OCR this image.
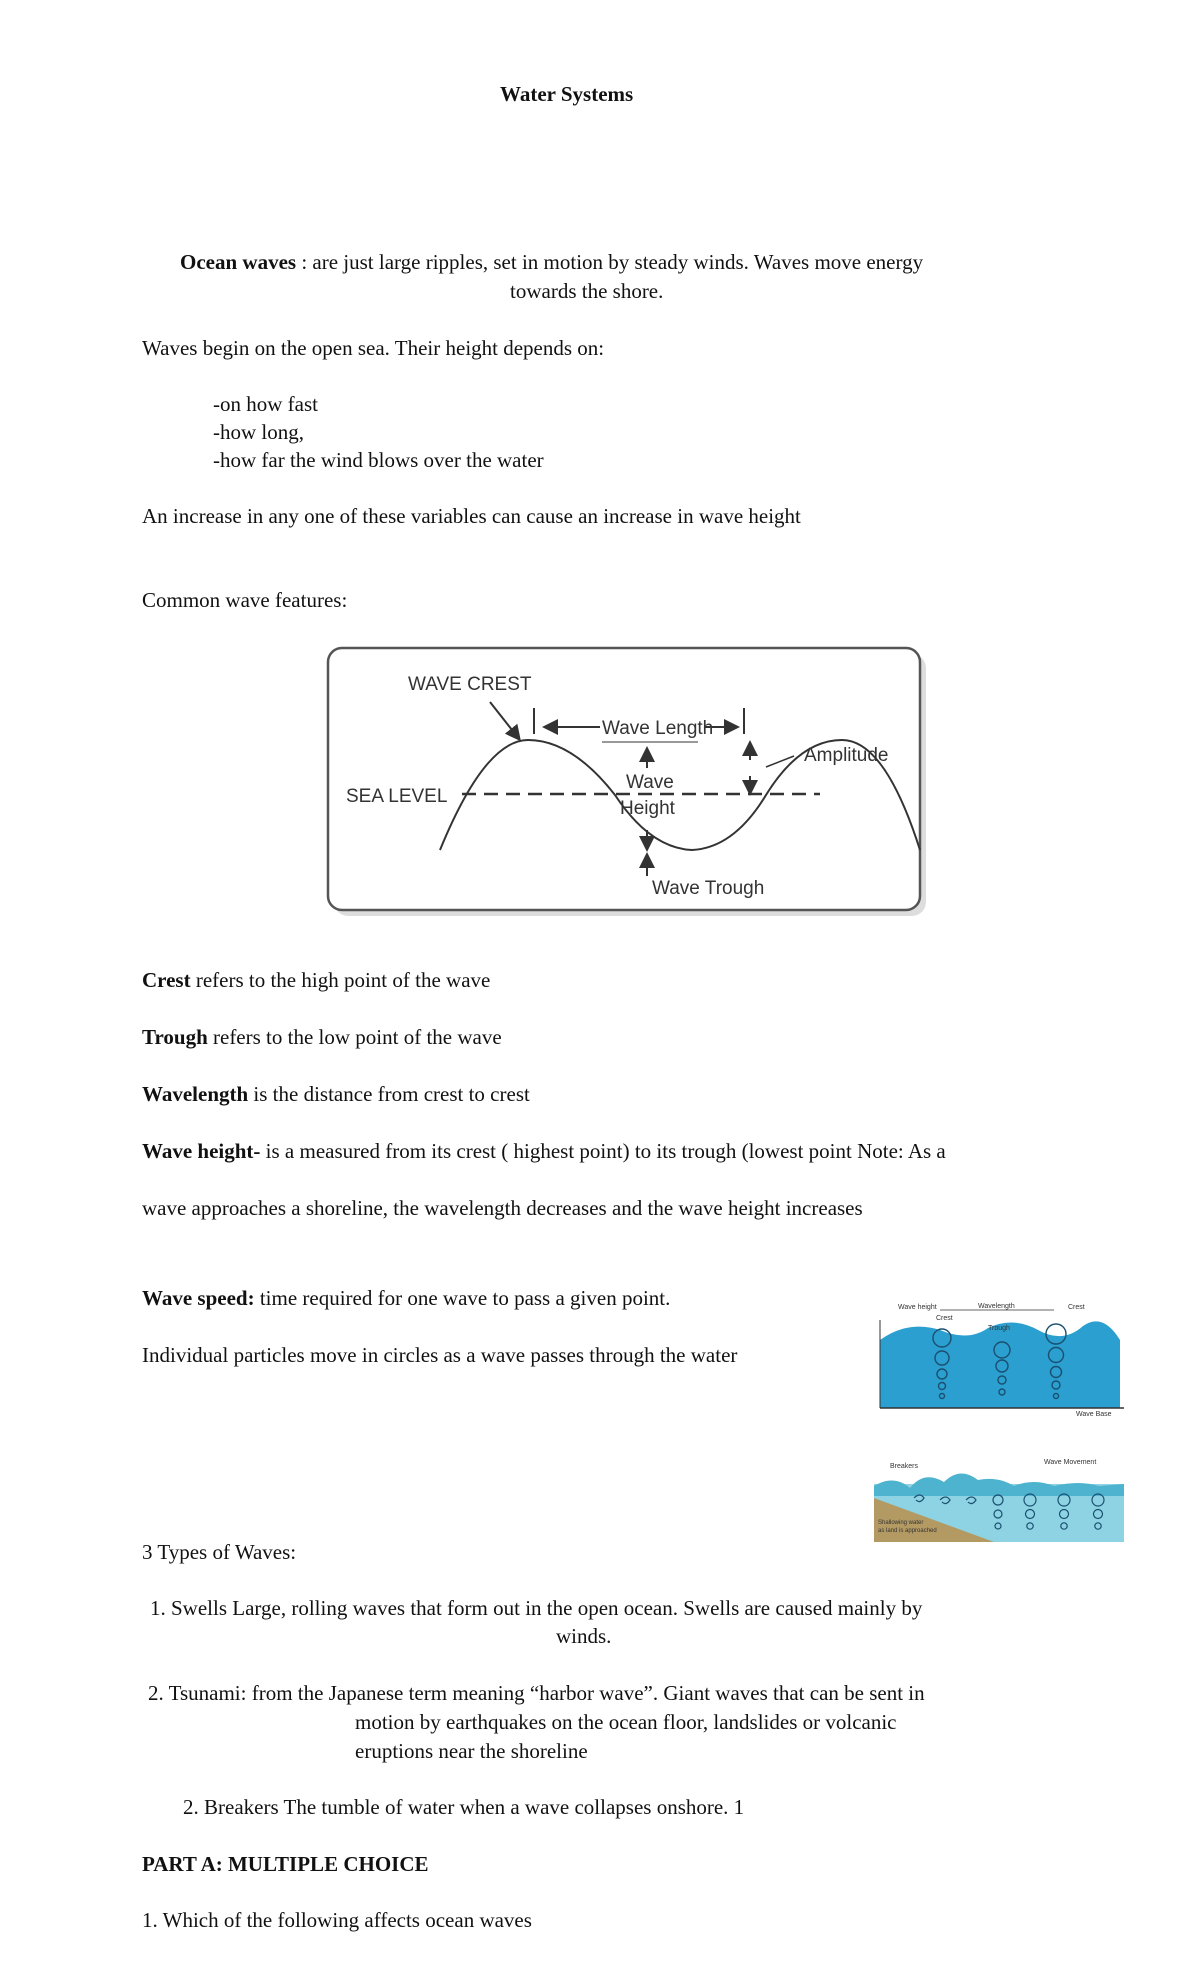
Water Systems
Ocean waves : are just large ripples, set in motion by steady winds. Waves move energy
towards the shore.
Waves begin on the open sea. Their height depends on:
-on how fast
-how long,
-how far the wind blows over the water
An increase in any one of these variables can cause an increase in wave height
Common wave features:
SEA LEVEL
WAVE CREST
Wave Length
Wave
Height
Amplitude
Wave Trough
Crest refers to the high point of the wave
Trough refers to the low point of the wave
Wavelength is the distance from crest to crest
Wave height- is a measured from its crest ( highest point) to its trough (lowest point Note: As a
wave approaches a shoreline, the wavelength decreases and the wave height increases
Wave speed: time required for one wave to pass a given point.
Individual particles move in circles as a wave passes through the water
Wave height
Crest
Wavelength	Crest
Trough
Wave Base
Breakers
Wave Movement
Shallowing water
as land is approached
3 Types of Waves:
1. Swells Large, rolling waves that form out in the open ocean. Swells are caused mainly by
winds.
2. Tsunami: from the Japanese term meaning “harbor wave”. Giant waves that can be sent in
motion by earthquakes on the ocean floor, landslides or volcanic
eruptions near the shoreline
2. Breakers The tumble of water when a wave collapses onshore. 1
PART A: MULTIPLE CHOICE
1. Which of the following affects ocean waves
